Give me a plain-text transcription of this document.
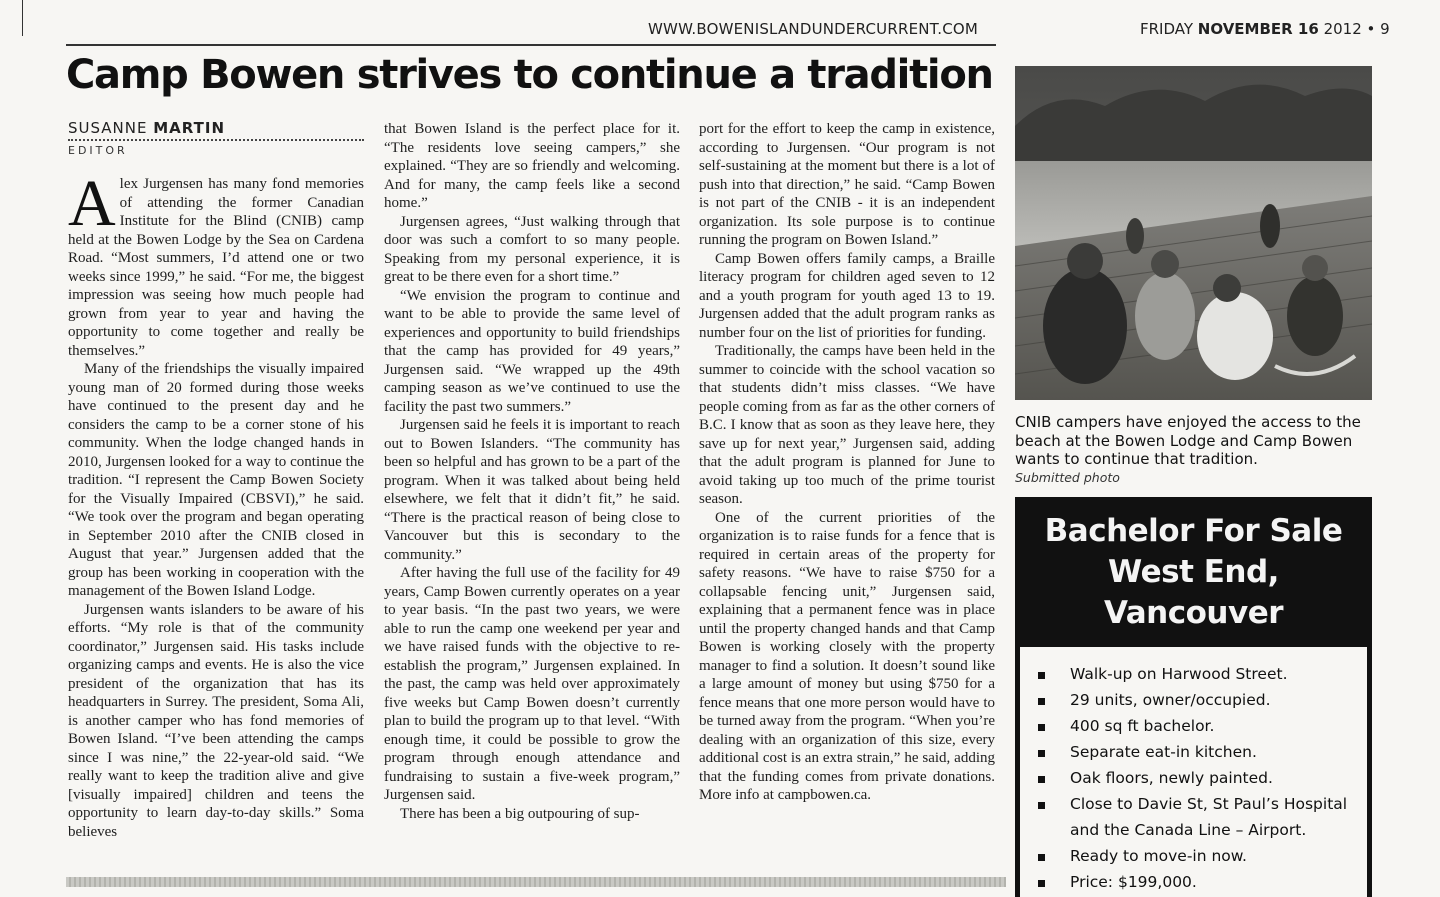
WWW.BOWENISLANDUNDERCURRENT.COM	FRIDAY NOVEMBER 16 2012 • 9
Camp Bowen strives to continue a tradition
SUSANNE MARTIN
EDITOR

Alex Jurgensen has many fond memories of attending the former Canadian Institute for the Blind (CNIB) camp held at the Bowen Lodge by the Sea on Cardena Road. “Most summers, I’d attend one or two weeks since 1999,” he said. “For me, the biggest impression was seeing how much people had grown from year to year and having the opportunity to come together and really be themselves.”

Many of the friendships the visually impaired young man of 20 formed during those weeks have continued to the present day and he considers the camp to be a corner stone of his community. When the lodge changed hands in 2010, Jurgensen looked for a way to continue the tradition. “I represent the Camp Bowen Society for the Visually Impaired (CBSVI),” he said. “We took over the program and began operating in September 2010 after the CNIB closed in August that year.” Jurgensen added that the group has been working in cooperation with the management of the Bowen Island Lodge.

Jurgensen wants islanders to be aware of his efforts. “My role is that of the community coordinator,” Jurgensen said. His tasks include organizing camps and events. He is also the vice president of the organization that has its headquarters in Surrey. The president, Soma Ali, is another camper who has fond memories of Bowen Island. “I’ve been attending the camps since I was nine,” the 22-year-old said. “We really want to keep the tradition alive and give [visually impaired] children and teens the opportunity to learn day-to-day skills.” Soma believes

that Bowen Island is the perfect place for it. “The residents love seeing campers,” she explained. “They are so friendly and welcoming. And for many, the camp feels like a second home.”

Jurgensen agrees, “Just walking through that door was such a comfort to so many people. Speaking from my personal experience, it is great to be there even for a short time.”

“We envision the program to continue and want to be able to provide the same level of experiences and opportunity to build friendships that the camp has provided for 49 years,” Jurgensen said. “We wrapped up the 49th camping season as we’ve continued to use the facility the past two summers.”

Jurgensen said he feels it is important to reach out to Bowen Islanders. “The community has been so helpful and has grown to be a part of the program. When it was talked about being held elsewhere, we felt that it didn’t fit,” he said. “There is the practical reason of being close to Vancouver but this is secondary to the community.”

After having the full use of the facility for 49 years, Camp Bowen currently operates on a year to year basis. “In the past two years, we were able to run the camp one weekend per year and we have raised funds with the objective to re-establish the program,” Jurgensen explained. In the past, the camp was held over approximately five weeks but Camp Bowen doesn’t currently plan to build the program up to that level. “With enough time, it could be possible to grow the program through enough attendance and fundraising to sustain a five-week program,” Jurgensen said.

There has been a big outpouring of sup-

port for the effort to keep the camp in existence, according to Jurgensen. “Our program is not self-sustaining at the moment but there is a lot of push into that direction,” he said. “Camp Bowen is not part of the CNIB - it is an independent organization. Its sole purpose is to continue running the program on Bowen Island.”

Camp Bowen offers family camps, a Braille literacy program for children aged seven to 12 and a youth program for youth aged 13 to 19. Jurgensen added that the adult program ranks as number four on the list of priorities for funding.

Traditionally, the camps have been held in the summer to coincide with the school vacation so that students didn’t miss classes. “We have people coming from as far as the other corners of B.C. I know that as soon as they leave here, they save up for next year,” Jurgensen said, adding that the adult program is planned for June to avoid taking up too much of the prime tourist season.

One of the current priorities of the organization is to raise funds for a fence that is required in certain areas of the property for safety reasons. “We have to raise $750 for a collapsable fencing unit,” Jurgensen said, explaining that a permanent fence was in place until the property changed hands and that Camp Bowen is working closely with the property manager to find a solution. It doesn’t sound like a large amount of money but using $750 for a fence means that one more person would have to be turned away from the program. “When you’re dealing with an organization of this size, every additional cost is an extra strain,” he said, adding that the funding comes from private donations. More info at campbowen.ca.

CNIB campers have enjoyed the access to the beach at the Bowen Lodge and Camp Bowen wants to continue that tradition.
Submitted photo
Bachelor For Sale
West End,
Vancouver
Walk-up on Harwood Street.
29 units, owner/occupied.
400 sq ft bachelor.
Separate eat-in kitchen.
Oak floors, newly painted.
Close to Davie St, St Paul’s Hospital and the Canada Line – Airport.
Ready to move-in now.
Price: $199,000.
